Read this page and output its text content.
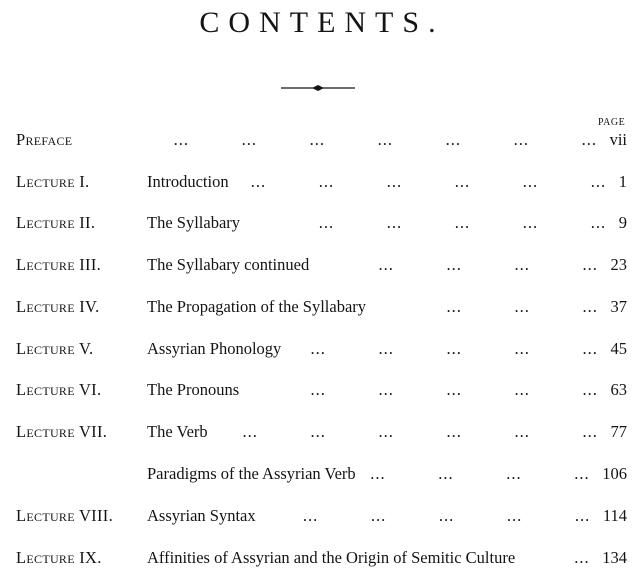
CONTENTS.
PAGE
Preface	vii
...
...
...
...
...
...
...
Lecture I.	Introduction	1
...
...
...
...
...
...
Lecture II.	The Syllabary	9
...
...
...
...
...
Lecture III.	The Syllabary continued	23
...
...
...
...
Lecture IV.	The Propagation of the Syllabary	37
...
...
...
Lecture V.	Assyrian Phonology	45
...
...
...
...
...
Lecture VI.	The Pronouns	63
...
...
...
...
...
Lecture VII. The Verb	77
...
...
...
...
...
...
Paradigms of the Assyrian Verb	106
...
...
...
...
Lecture VIII. Assyrian Syntax	114
...
...
...
...
...
Lecture IX.	Affinities of Assyrian and the Origin of Semitic Culture	134
...
